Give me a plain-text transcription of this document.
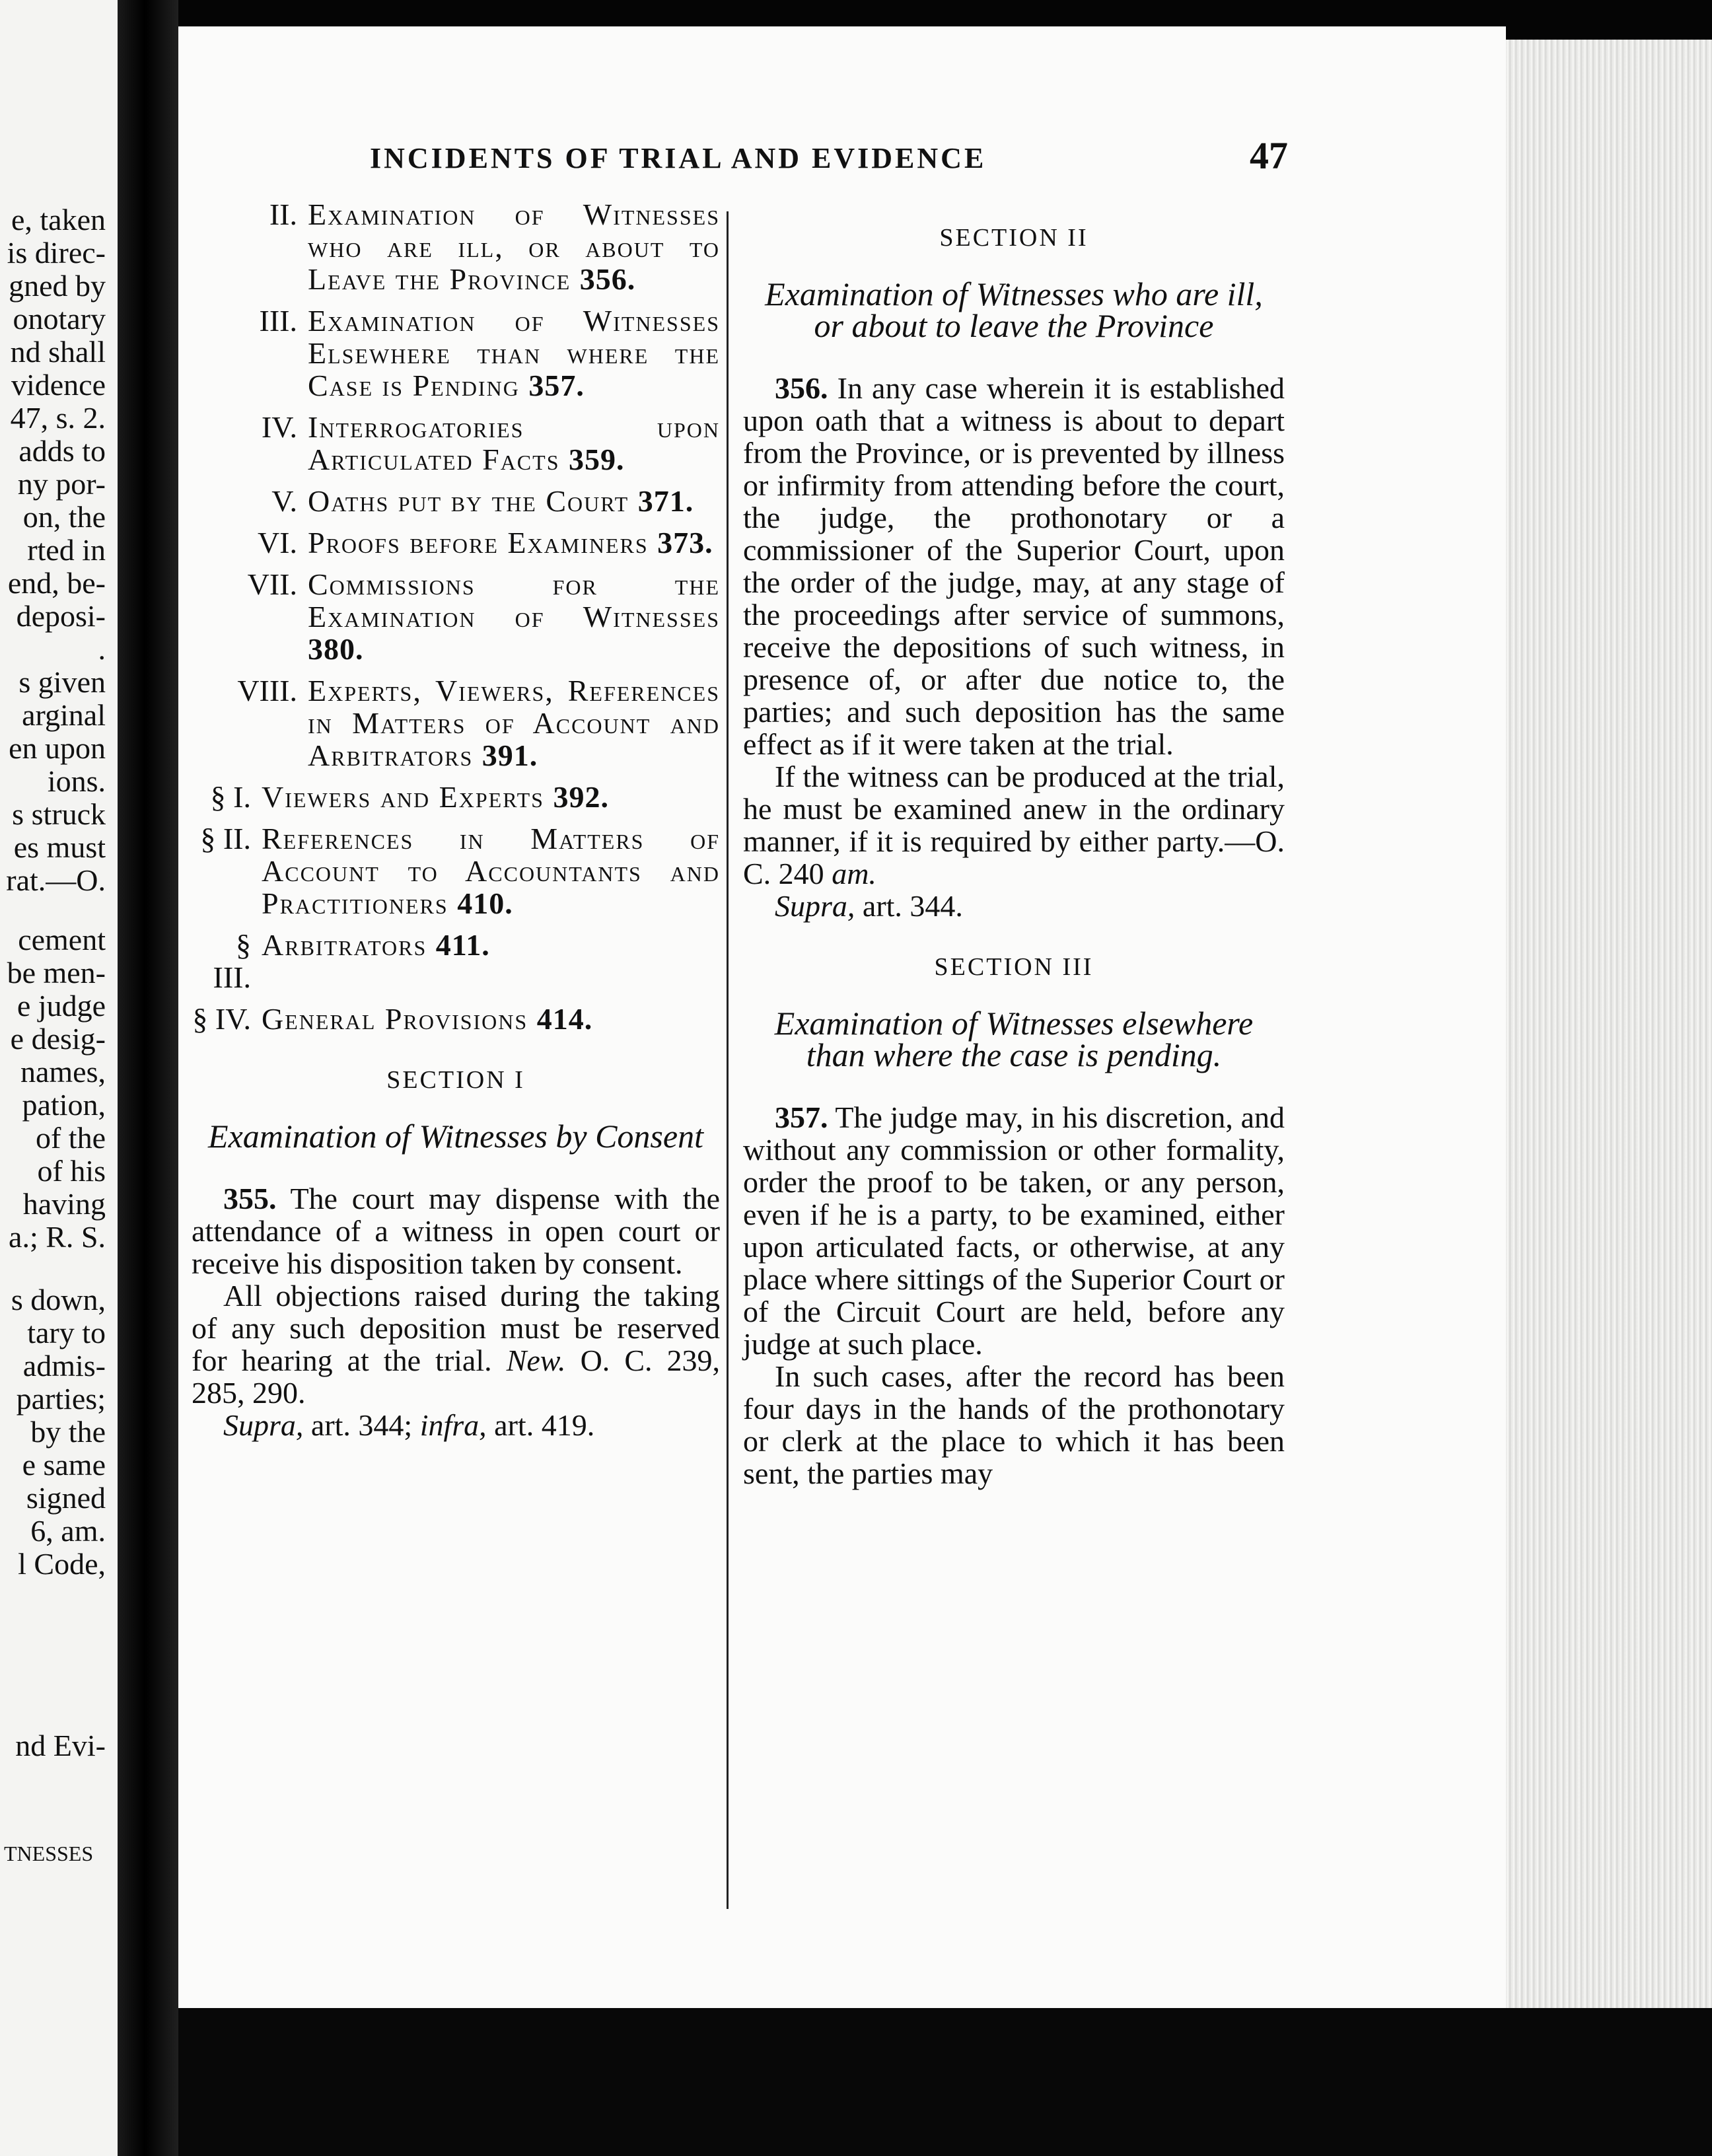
e, taken
is direc-
gned by
onotary
nd shall
vidence
47, s. 2.
adds to
ny por-
on, the
rted in
end, be-
deposi-
.
s given
arginal
en upon
ions.
s struck
es must
rat.—O.
cement
be men-
e judge
e desig-
names,
pation,
of the
of his
having
a.; R. S.
s down,
tary to
admis-
parties;
by the
e same
signed
6, am.
l Code,
nd Evi-
TNESSES
INCIDENTS OF TRIAL AND EVIDENCE	47
II. Examination of Witnesses who are ill, or about to Leave the Province 356.
III. Examination of Witnesses Elsewhere than where the Case is Pending 357.
IV. Interrogatories upon Articulated Facts 359.
V. Oaths put by the Court 371.
VI. Proofs before Examiners 373.
VII. Commissions for the Examination of Witnesses 380.
VIII. Experts, Viewers, References in Matters of Account and Arbitrators 391.
§ I. Viewers and Experts 392.
§ II. References in Matters of Account to Accountants and Practitioners 410.
§ III.
Arbitrators 411.
§ IV. General Provisions 414.
SECTION I
Examination of Witnesses by Consent

355. The court may dispense with the attendance of a witness in open court or receive his disposition taken by consent.

All objections raised during the taking of any such deposition must be reserved for hearing at the trial. New. O. C. 239, 285, 290.

Supra, art. 344; infra, art. 419.

SECTION II
Examination of Witnesses who are ill, or about to leave the Province

356. In any case wherein it is established upon oath that a witness is about to depart from the Province, or is prevented by illness or infirmity from attending before the court, the judge, the prothonotary or a commissioner of the Superior Court, upon the order of the judge, may, at any stage of the proceedings after service of summons, receive the depositions of such witness, in presence of, or after due notice to, the parties; and such deposition has the same effect as if it were taken at the trial.

If the witness can be produced at the trial, he must be examined anew in the ordinary manner, if it is required by either party.—O. C. 240 am.

Supra, art. 344.

SECTION III
Examination of Witnesses elsewhere than where the case is pending.

357. The judge may, in his discretion, and without any commission or other formality, order the proof to be taken, or any person, even if he is a party, to be examined, either upon articulated facts, or otherwise, at any place where sittings of the Superior Court or of the Circuit Court are held, before any judge at such place.

In such cases, after the record has been four days in the hands of the prothonotary or clerk at the place to which it has been sent, the parties may
